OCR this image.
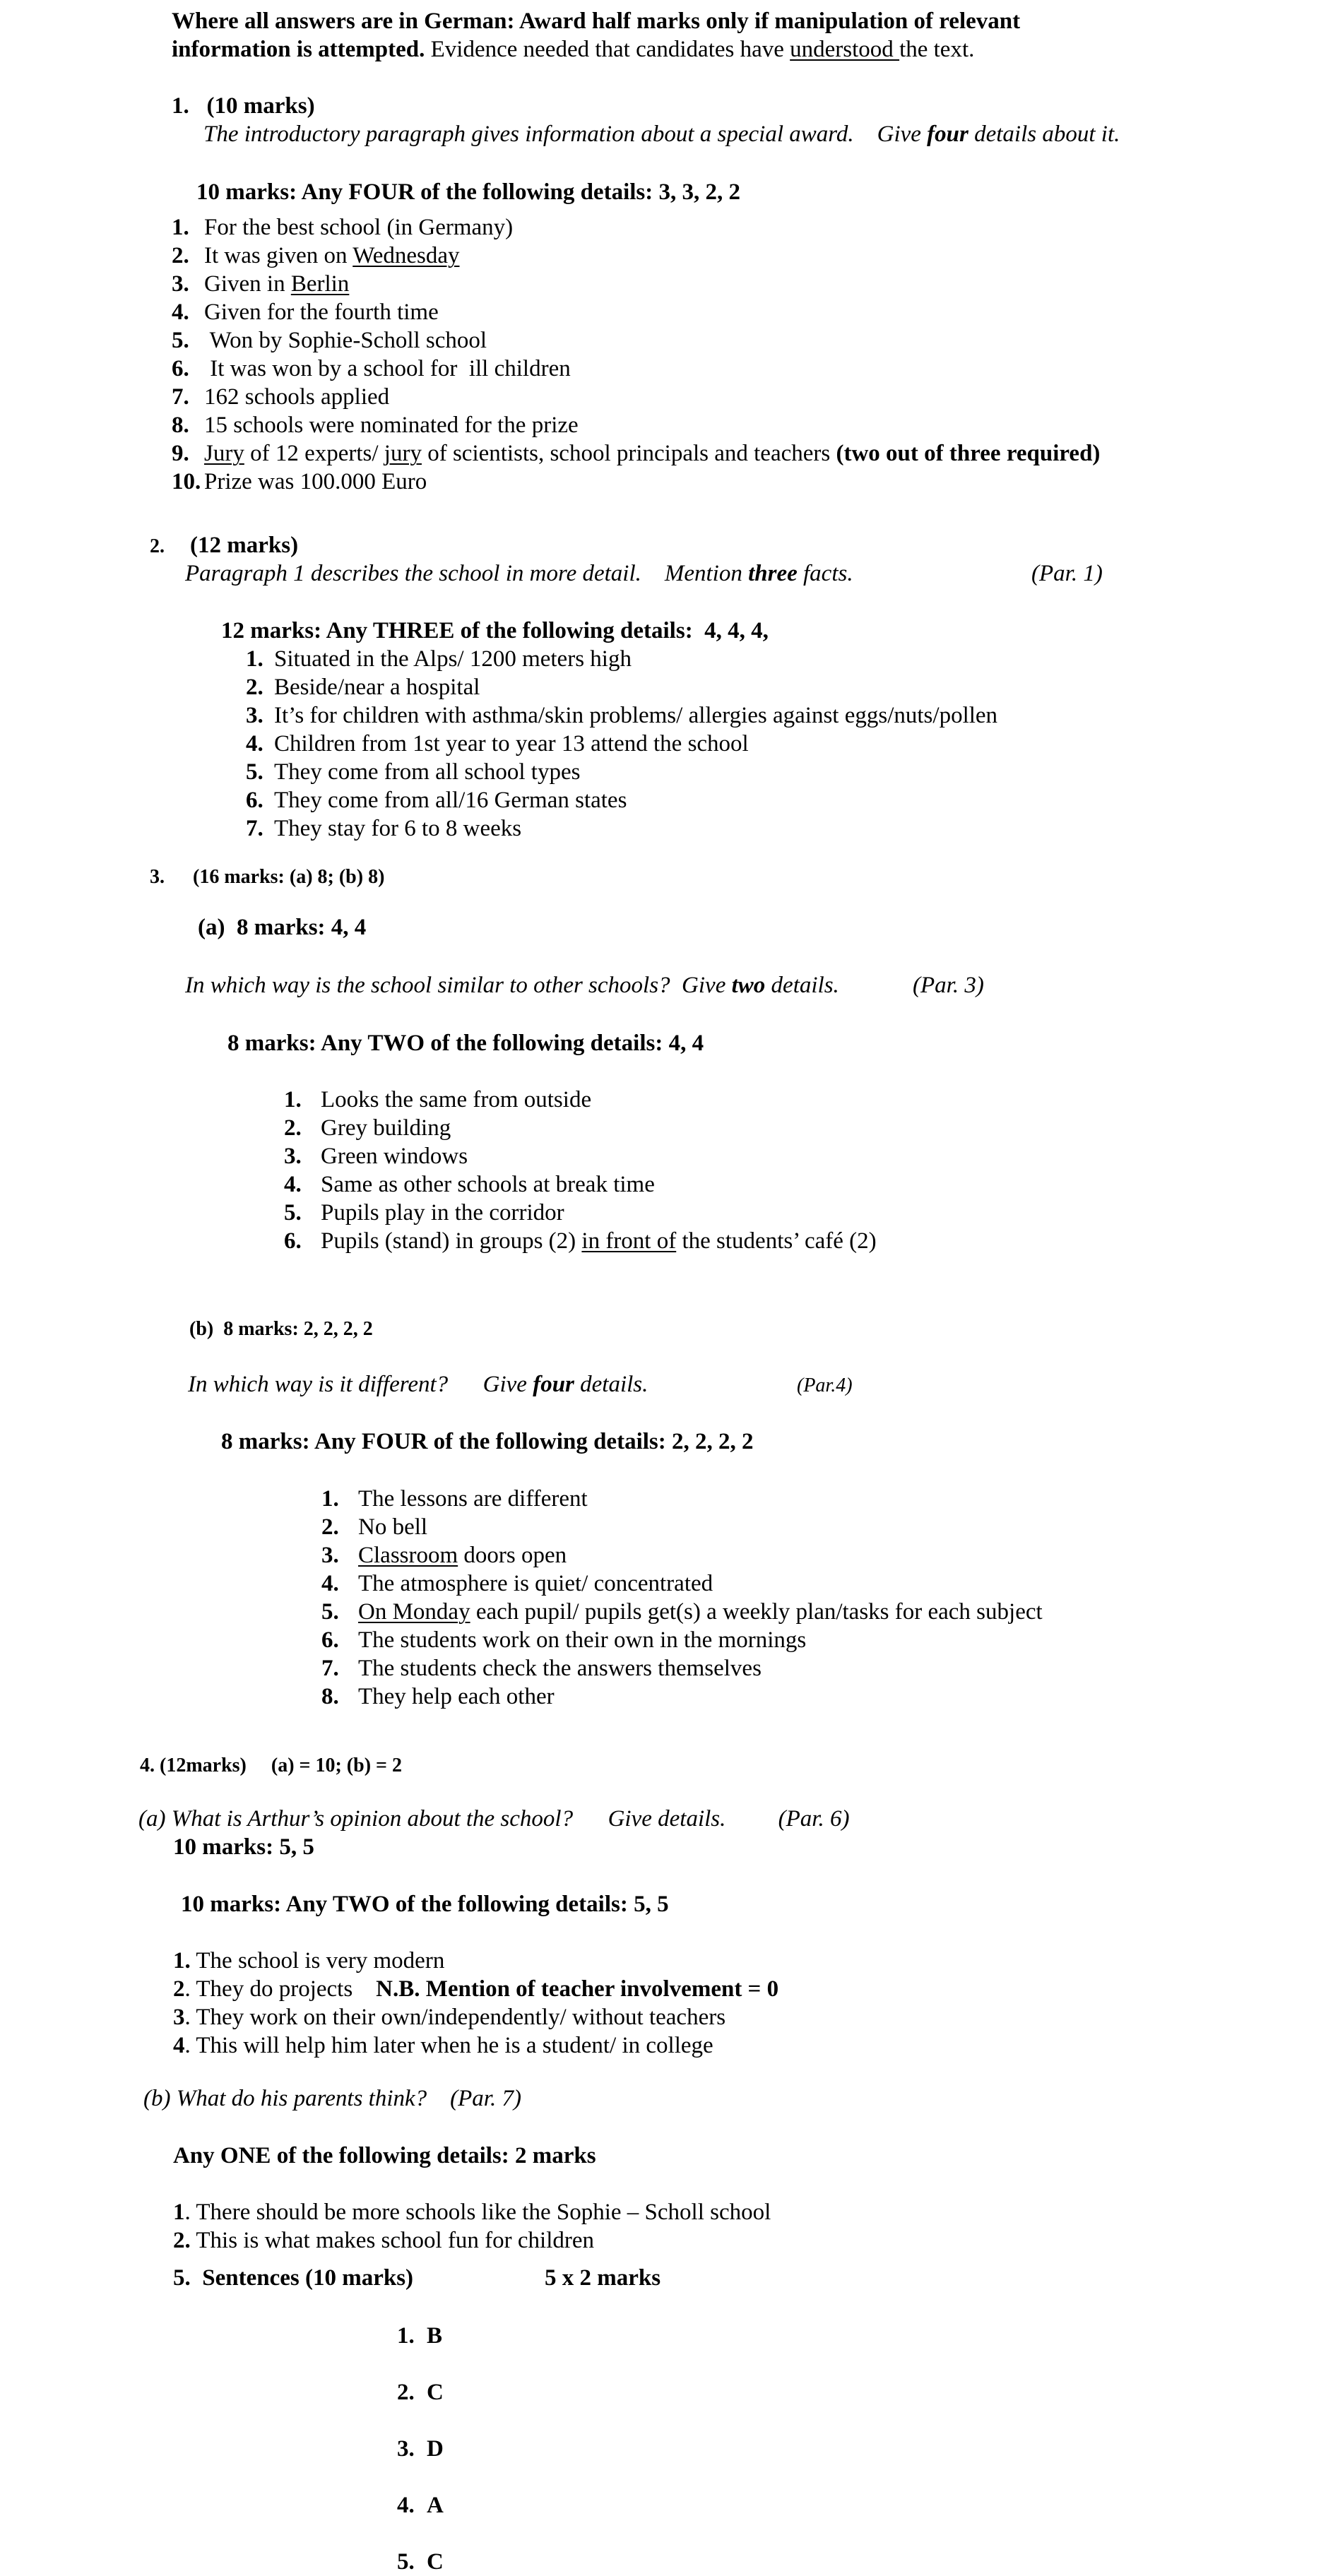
Where all answers are in German: Award half marks only if manipulation of relevant
information is attempted. Evidence needed that candidates have understood the text.
1. (10 marks)
The introductory paragraph gives information about a special award.    Give four details about it.
10 marks: Any FOUR of the following details: 3, 3, 2, 2
1. For the best school (in Germany)
2. It was given on Wednesday
3. Given in Berlin
4. Given for the fourth time
5. Won by Sophie-Scholl school
6. It was won by a school for  ill children
7. 162 schools applied
8. 15 schools were nominated for the prize
9. Jury of 12 experts/ jury of scientists, school principals and teachers (two out of three required)
10. Prize was 100.000 Euro
2. (12 marks)
Paragraph 1 describes the school in more detail.    Mention three facts.	(Par. 1)
12 marks: Any THREE of the following details:  4, 4, 4,
1. Situated in the Alps/ 1200 meters high
2. Beside/near a hospital
3. It’s for children with asthma/skin problems/ allergies against eggs/nuts/pollen
4. Children from 1st year to year 13 attend the school
5. They come from all school types
6. They come from all/16 German states
7. They stay for 6 to 8 weeks
3. (16 marks: (a) 8; (b) 8)
(a)  8 marks: 4, 4
In which way is the school similar to other schools?  Give two details.	(Par. 3)
8 marks: Any TWO of the following details: 4, 4
1. Looks the same from outside
2. Grey building
3. Green windows
4. Same as other schools at break time
5. Pupils play in the corridor
6. Pupils (stand) in groups (2) in front of the students’ café (2)
(b)  8 marks: 2, 2, 2, 2
In which way is it different?      Give four details.	(Par.4)
8 marks: Any FOUR of the following details: 2, 2, 2, 2
1. The lessons are different
2. No bell
3. Classroom doors open
4. The atmosphere is quiet/ concentrated
5. On Monday each pupil/ pupils get(s) a weekly plan/tasks for each subject
6. The students work on their own in the mornings
7. The students check the answers themselves
8. They help each other
4. (12marks)     (a) = 10; (b) = 2
(a) What is Arthur’s opinion about the school?      Give details.         (Par. 6)
10 marks: 5, 5
10 marks: Any TWO of the following details: 5, 5
1. The school is very modern
2. They do projects    N.B. Mention of teacher involvement = 0
3. They work on their own/independently/ without teachers
4. This will help him later when he is a student/ in college
(b) What do his parents think?    (Par. 7)
Any ONE of the following details: 2 marks
1. There should be more schools like the Sophie – Scholl school
2. This is what makes school fun for children
5.  Sentences (10 marks)	5 x 2 marks
1. B
2. C
3. D
4. A
5. C
